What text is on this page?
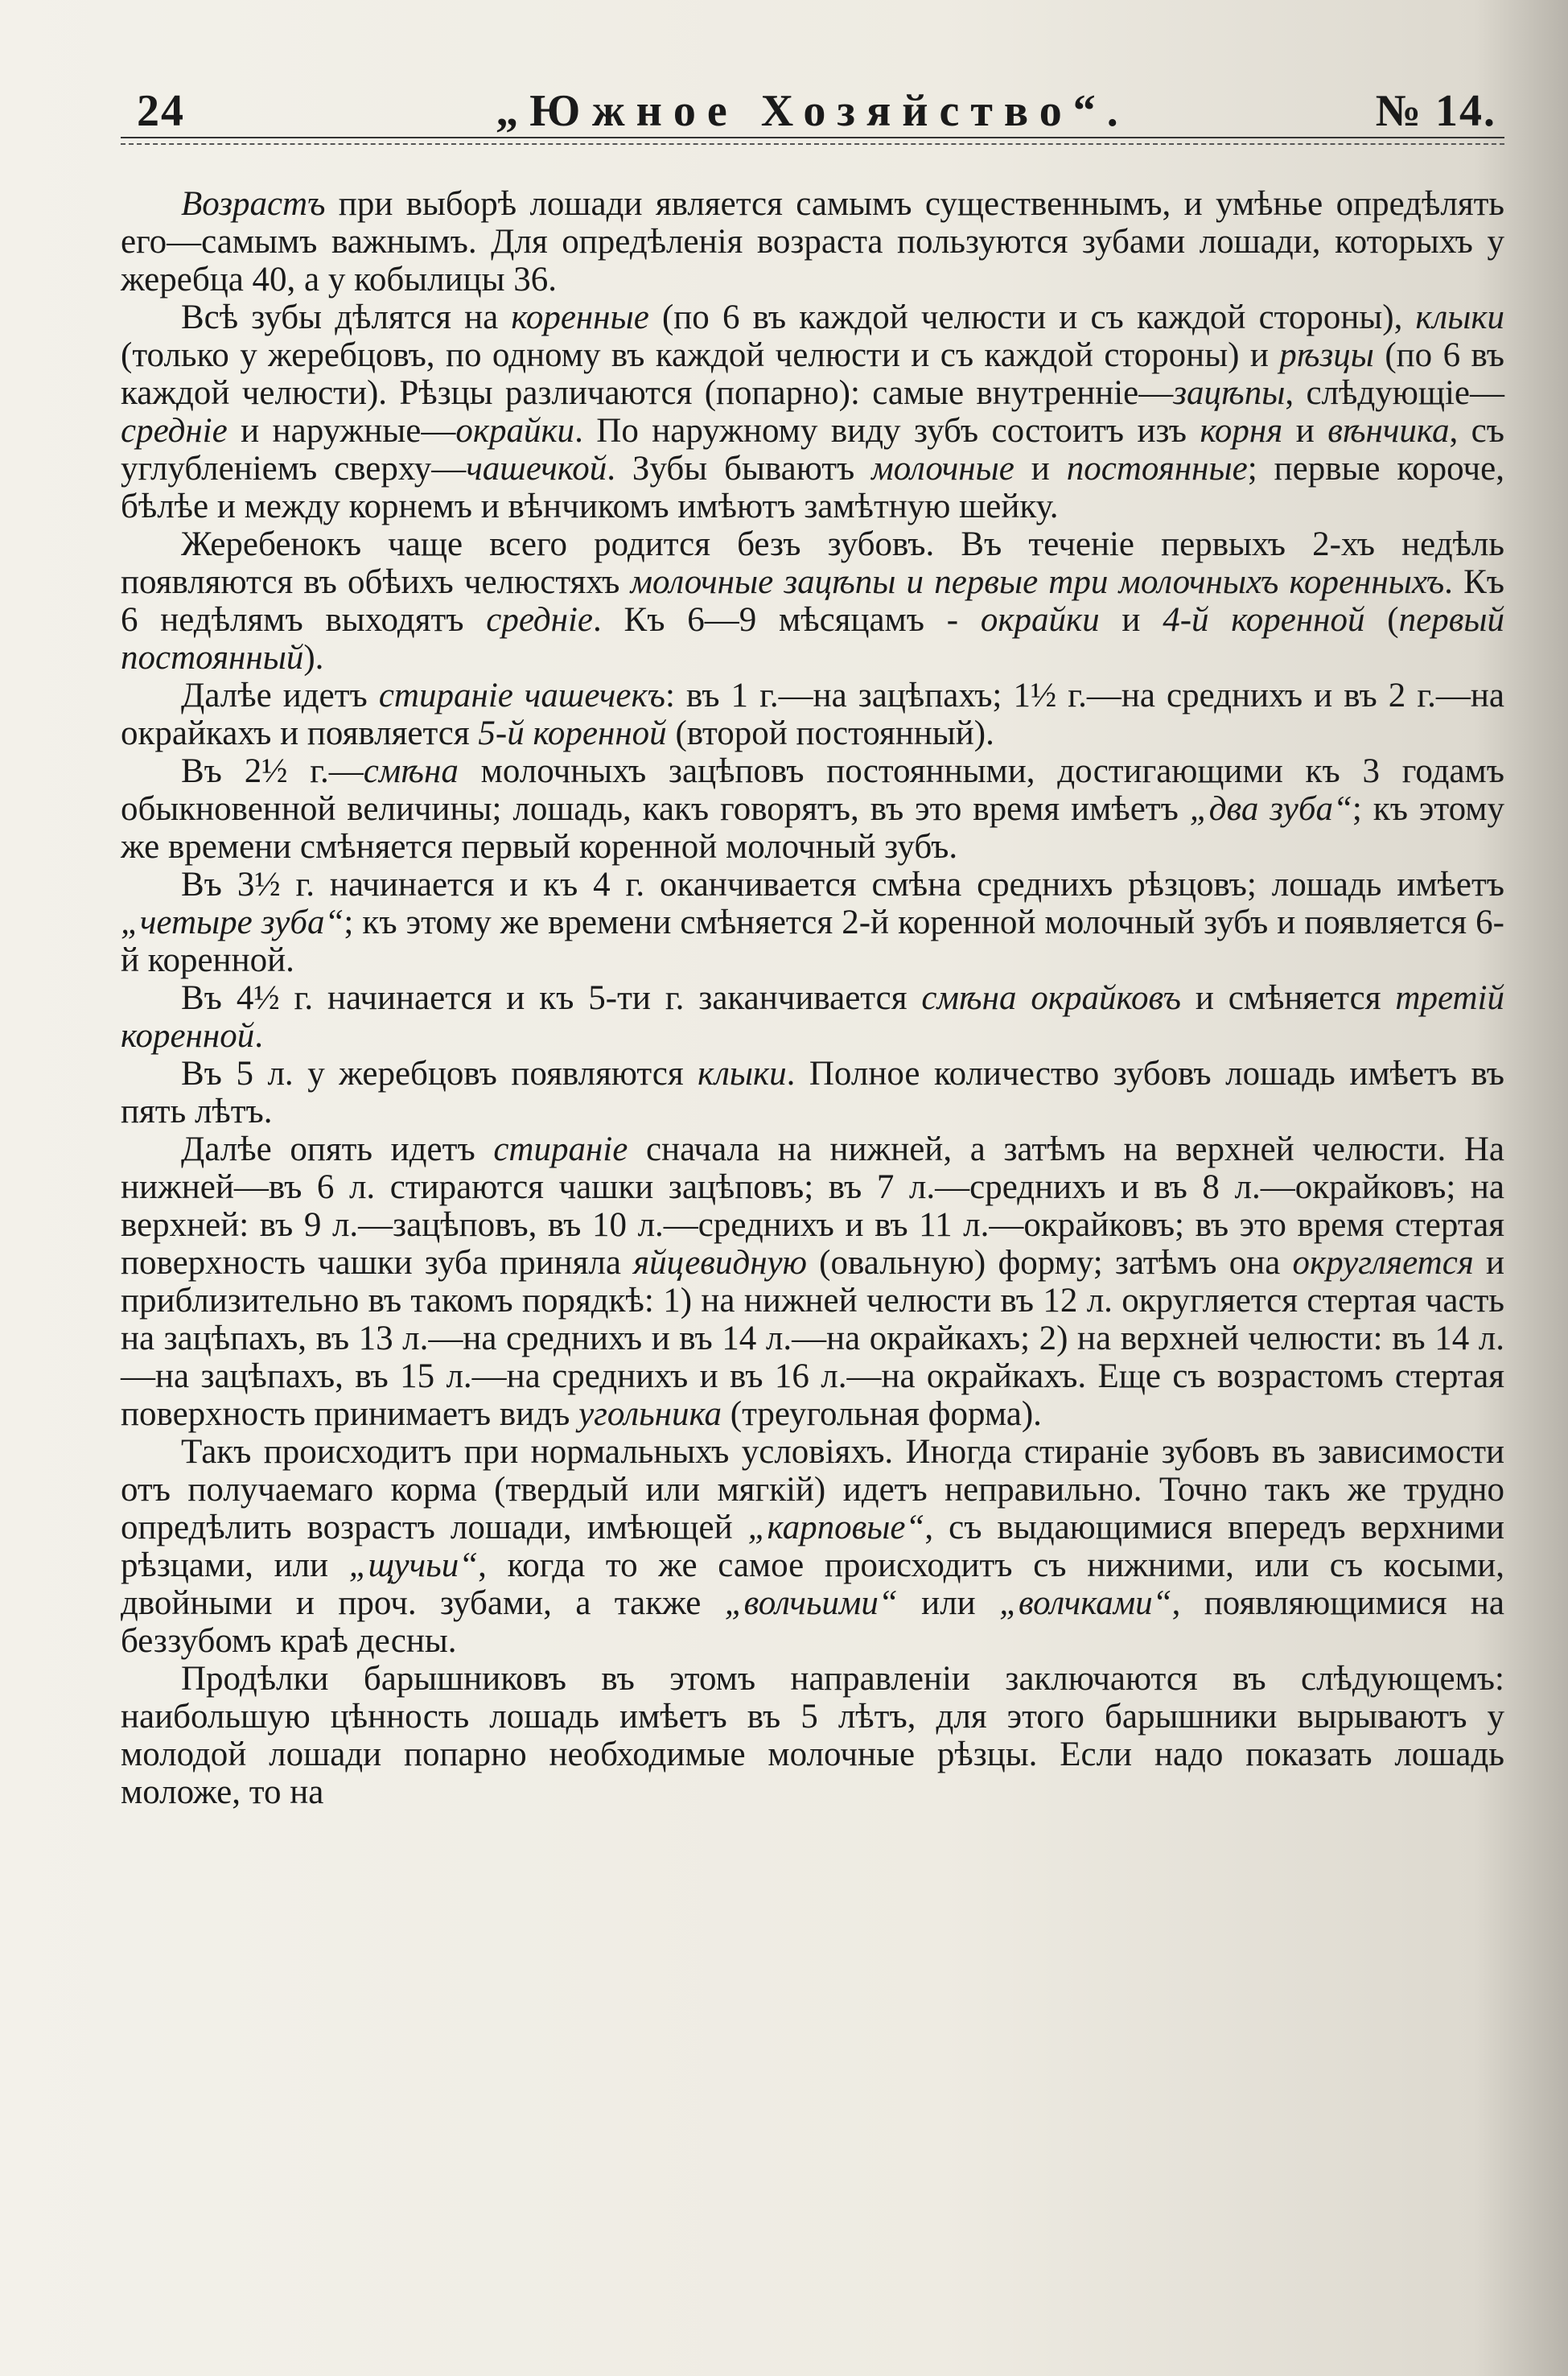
24	„Южное Хозяйство“.	№ 14.

Возрастъ при выборѣ лошади является самымъ существеннымъ, и умѣнье опредѣлять его—самымъ важнымъ. Для опредѣленія возраста пользуются зубами лошади, которыхъ у жеребца 40, а у кобылицы 36.

Всѣ зубы дѣлятся на коренные (по 6 въ каждой челюсти и съ каждой стороны), клыки (только у жеребцовъ, по одному въ каждой челюсти и съ каждой стороны) и рѣзцы (по 6 въ каждой челюсти). Рѣзцы различаются (попарно): самые внутренніе—зацѣпы, слѣдующіе—средніе и наружные—окрайки. По наружному виду зубъ состоитъ изъ корня и вѣнчика, съ углубленіемъ сверху—чашечкой. Зубы бываютъ молочные и постоянные; первые короче, бѣлѣе и между корнемъ и вѣнчикомъ имѣютъ замѣтную шейку.

Жеребенокъ чаще всего родится безъ зубовъ. Въ теченіе первыхъ 2-хъ недѣль появляются въ обѣихъ челюстяхъ молочные зацѣпы и первые три молочныхъ коренныхъ. Къ 6 недѣлямъ выходятъ средніе. Къ 6—9 мѣсяцамъ - окрайки и 4-й коренной (первый постоянный).

Далѣе идетъ стираніе чашечекъ: въ 1 г.—на зацѣпахъ; 1½ г.—на среднихъ и въ 2 г.—на окрайкахъ и появляется 5-й коренной (второй постоянный).

Въ 2½ г.—смѣна молочныхъ зацѣповъ постоянными, достигающими къ 3 годамъ обыкновенной величины; лошадь, какъ говорятъ, въ это время имѣетъ „два зуба“; къ этому же времени смѣняется первый коренной молочный зубъ.

Въ 3½ г. начинается и къ 4 г. оканчивается смѣна среднихъ рѣзцовъ; лошадь имѣетъ „четыре зуба“; къ этому же времени смѣняется 2-й коренной молочный зубъ и появляется 6-й коренной.

Въ 4½ г. начинается и къ 5-ти г. заканчивается смѣна окрайковъ и смѣняется третій коренной.

Въ 5 л. у жеребцовъ появляются клыки. Полное количество зубовъ лошадь имѣетъ въ пять лѣтъ.

Далѣе опять идетъ стираніе сначала на нижней, а затѣмъ на верхней челюсти. На нижней—въ 6 л. стираются чашки зацѣповъ; въ 7 л.—среднихъ и въ 8 л.—окрайковъ; на верхней: въ 9 л.—зацѣповъ, въ 10 л.—среднихъ и въ 11 л.—окрайковъ; въ это время стертая поверхность чашки зуба приняла яйцевидную (овальную) форму; затѣмъ она округляется и приблизительно въ такомъ порядкѣ: 1) на нижней челюсти въ 12 л. округляется стертая часть на зацѣпахъ, въ 13 л.—на среднихъ и въ 14 л.—на окрайкахъ; 2) на верхней челюсти: въ 14 л.—на зацѣпахъ, въ 15 л.—на среднихъ и въ 16 л.—на окрайкахъ. Еще съ возрастомъ стертая поверхность принимаетъ видъ угольника (треугольная форма).

Такъ происходитъ при нормальныхъ условіяхъ. Иногда стираніе зубовъ въ зависимости отъ получаемаго корма (твердый или мягкій) идетъ неправильно. Точно такъ же трудно опредѣлить возрастъ лошади, имѣющей „карповые“, съ выдающимися впередъ верхними рѣзцами, или „щучьи“, когда то же самое происходитъ съ нижними, или съ косыми, двойными и проч. зубами, а также „волчьими“ или „волчками“, появляющимися на беззубомъ краѣ десны.

Продѣлки барышниковъ въ этомъ направленіи заключаются въ слѣдующемъ: наибольшую цѣнность лошадь имѣетъ въ 5 лѣтъ, для этого барышники вырываютъ у молодой лошади попарно необходимые молочные рѣзцы. Если надо показать лошадь моложе, то на
